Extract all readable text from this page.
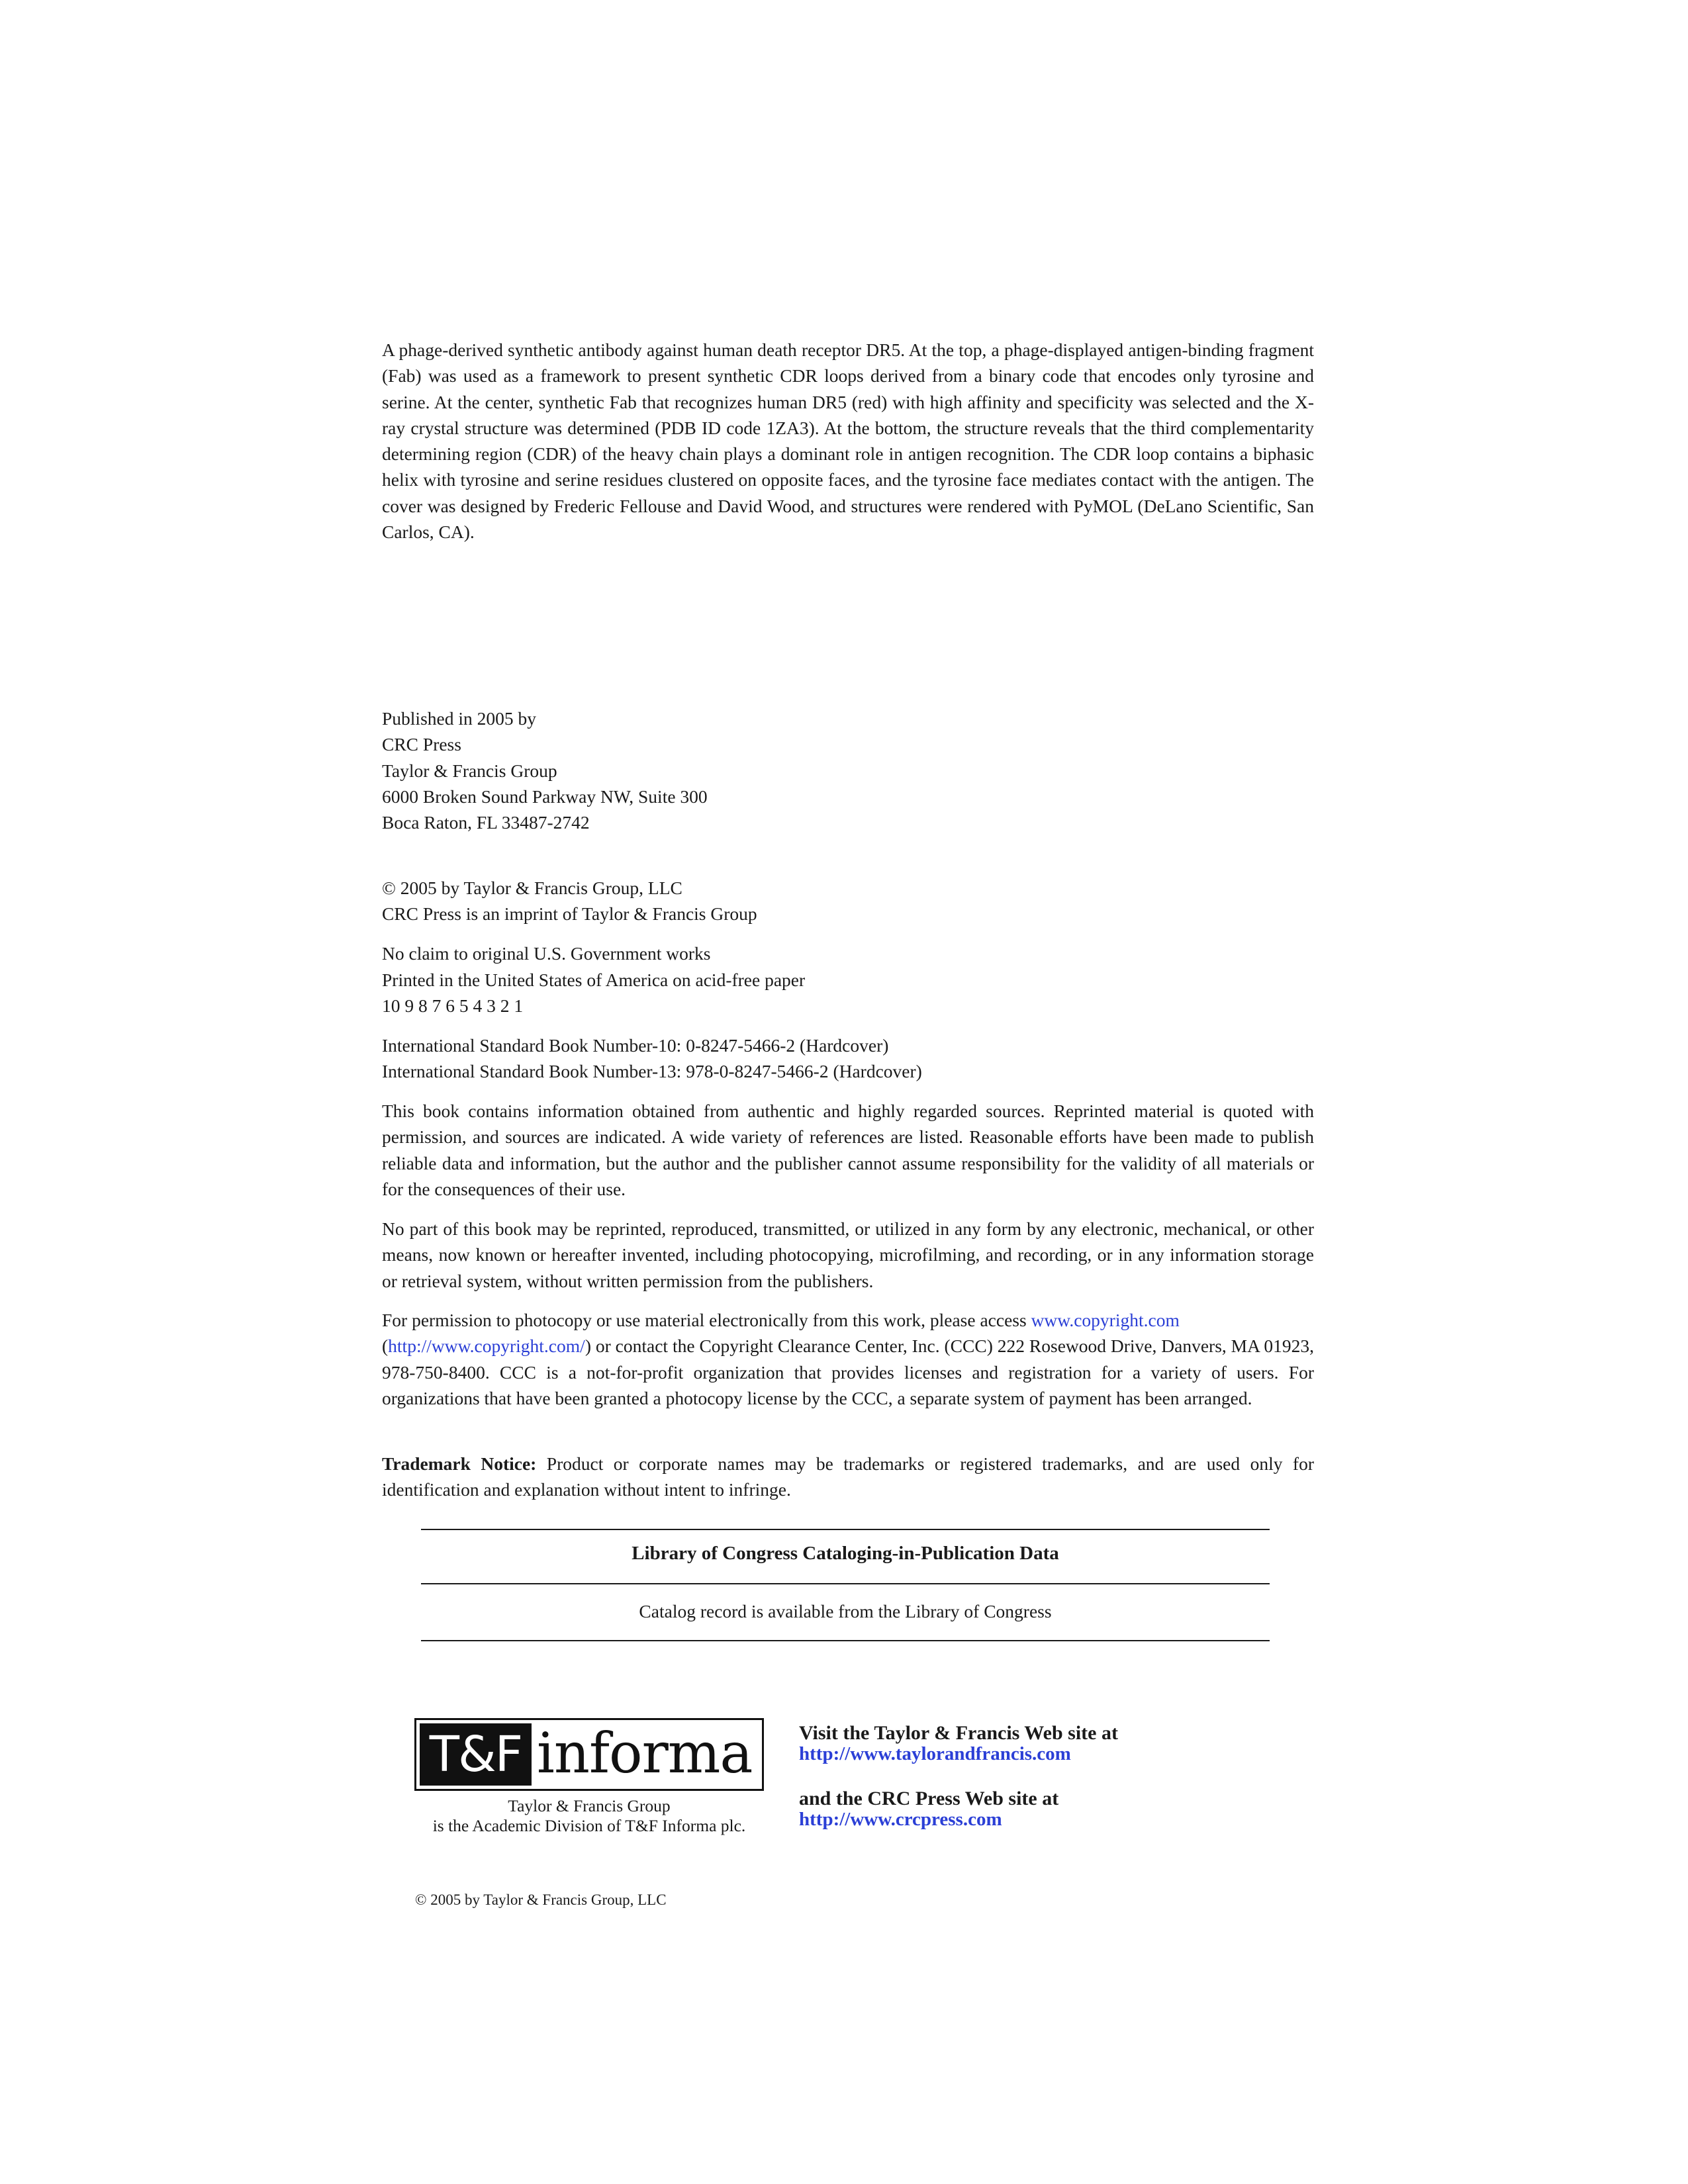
A phage-derived synthetic antibody against human death receptor DR5. At the top, a phage-displayed antigen-binding fragment (Fab) was used as a framework to present synthetic CDR loops derived from a binary code that encodes only tyrosine and serine. At the center, synthetic Fab that recognizes human DR5 (red) with high affinity and specificity was selected and the X-ray crystal structure was determined (PDB ID code 1ZA3). At the bottom, the structure reveals that the third complementarity determining region (CDR) of the heavy chain plays a dominant role in antigen recognition. The CDR loop contains a biphasic helix with tyrosine and serine residues clustered on opposite faces, and the tyrosine face mediates contact with the antigen. The cover was designed by Frederic Fellouse and David Wood, and structures were rendered with PyMOL (DeLano Scientific, San Carlos, CA).

Published in 2005 by
CRC Press
Taylor & Francis Group
6000 Broken Sound Parkway NW, Suite 300
Boca Raton, FL 33487-2742
© 2005 by Taylor & Francis Group, LLC
CRC Press is an imprint of Taylor & Francis Group
No claim to original U.S. Government works
Printed in the United States of America on acid-free paper
10 9 8 7 6 5 4 3 2 1
International Standard Book Number-10: 0-8247-5466-2 (Hardcover)
International Standard Book Number-13: 978-0-8247-5466-2 (Hardcover)

This book contains information obtained from authentic and highly regarded sources. Reprinted material is quoted with permission, and sources are indicated. A wide variety of references are listed. Reasonable efforts have been made to publish reliable data and information, but the author and the publisher cannot assume responsibility for the validity of all materials or for the consequences of their use.

No part of this book may be reprinted, reproduced, transmitted, or utilized in any form by any electronic, mechanical, or other means, now known or hereafter invented, including photocopying, microfilming, and recording, or in any information storage or retrieval system, without written permission from the publishers.

For permission to photocopy or use material electronically from this work, please access www.copyright.com
(http://www.copyright.com/) or contact the Copyright Clearance Center, Inc. (CCC) 222 Rosewood Drive, Danvers, MA 01923, 978-750-8400. CCC is a not-for-profit organization that provides licenses and registration for a variety of users. For organizations that have been granted a photocopy license by the CCC, a separate system of payment has been arranged.

Trademark Notice: Product or corporate names may be trademarks or registered trademarks, and are used only for identification and explanation without intent to infringe.

Library of Congress Cataloging-in-Publication Data
Catalog record is available from the Library of Congress
T&F informa
Taylor & Francis Group
is the Academic Division of T&F Informa plc.
Visit the Taylor & Francis Web site at
http://www.taylorandfrancis.com
and the CRC Press Web site at
http://www.crcpress.com
© 2005 by Taylor & Francis Group, LLC
